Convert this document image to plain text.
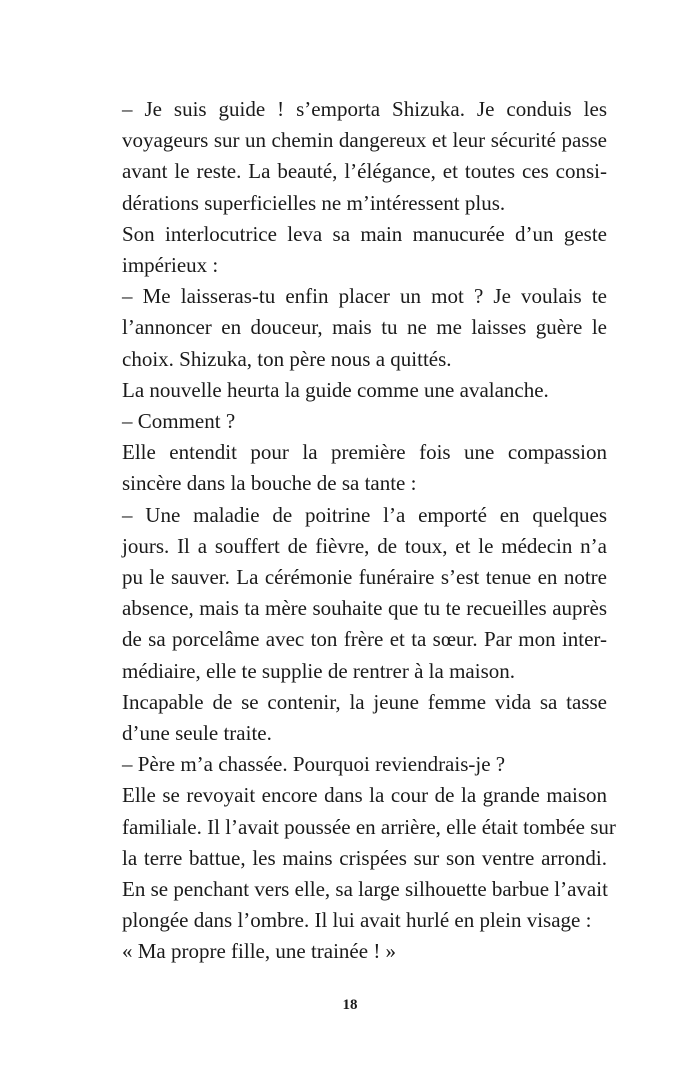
– Je suis guide ! s’emporta Shizuka. Je conduis les
voyageurs sur un chemin dangereux et leur sécurité passe
avant le reste. La beauté, l’élégance, et toutes ces consi-
dérations superficielles ne m’intéressent plus.

Son interlocutrice leva sa main manucurée d’un geste
impérieux :

– Me laisseras-tu enfin placer un mot ? Je voulais te
l’annoncer en douceur, mais tu ne me laisses guère le
choix. Shizuka, ton père nous a quittés.

La nouvelle heurta la guide comme une avalanche.

– Comment ?

Elle entendit pour la première fois une compassion
sincère dans la bouche de sa tante :

– Une maladie de poitrine l’a emporté en quelques
jours. Il a souffert de fièvre, de toux, et le médecin n’a
pu le sauver. La cérémonie funéraire s’est tenue en notre
absence, mais ta mère souhaite que tu te recueilles auprès
de sa porcelâme avec ton frère et ta sœur. Par mon inter-
médiaire, elle te supplie de rentrer à la maison.

Incapable de se contenir, la jeune femme vida sa tasse
d’une seule traite.

– Père m’a chassée. Pourquoi reviendrais-je ?

Elle se revoyait encore dans la cour de la grande maison
familiale. Il l’avait poussée en arrière, elle était tombée sur
la terre battue, les mains crispées sur son ventre arrondi.
En se penchant vers elle, sa large silhouette barbue l’avait
plongée dans l’ombre. Il lui avait hurlé en plein visage :

« Ma propre fille, une trainée ! »

18
